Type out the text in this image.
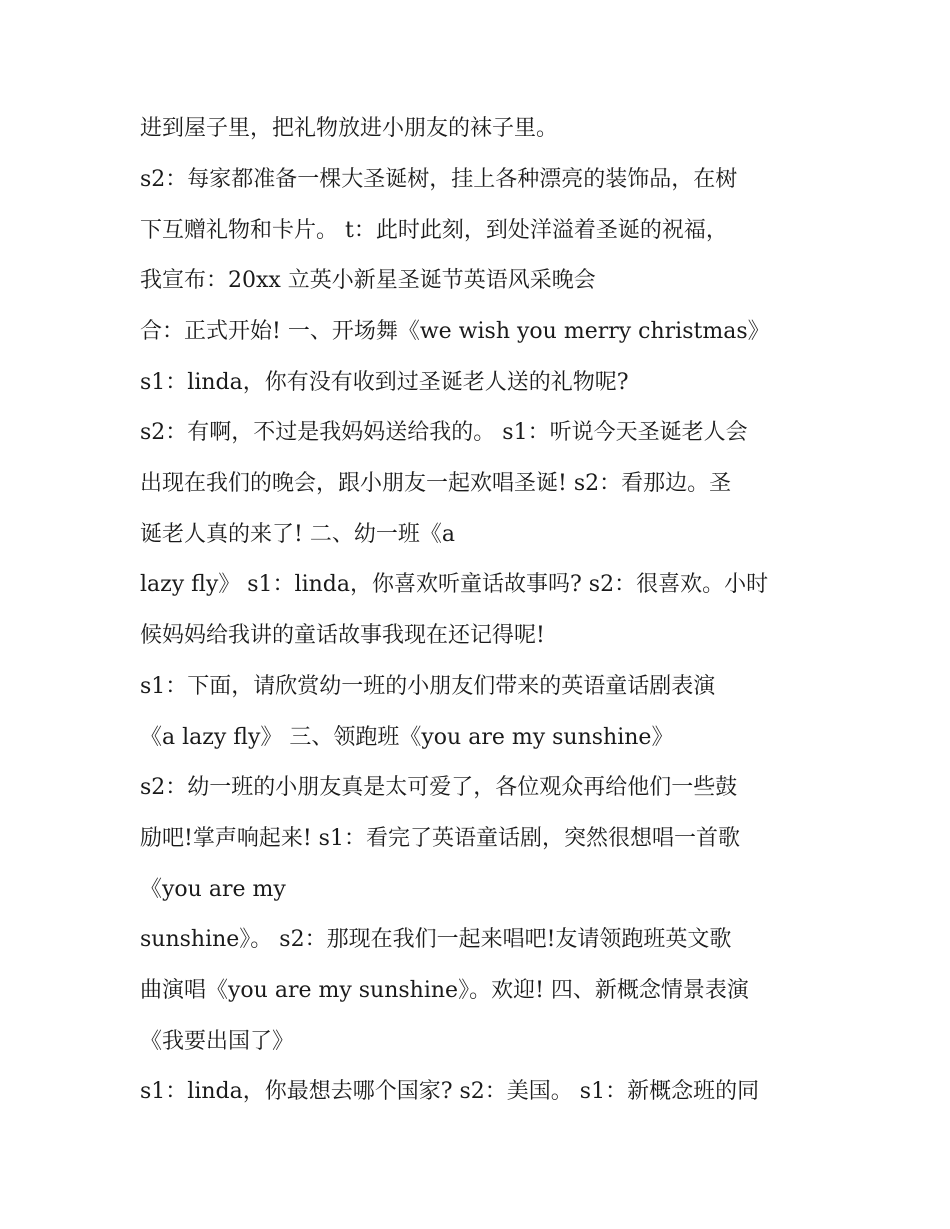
进到屋子里，把礼物放进小朋友的袜子里。
s2：每家都准备一棵大圣诞树，挂上各种漂亮的装饰品，在树
下互赠礼物和卡片。 t：此时此刻，到处洋溢着圣诞的祝福，
我宣布：20xx 立英小新星圣诞节英语风采晚会
合：正式开始! 一、开场舞《we wish you merry christmas》
s1：linda，你有没有收到过圣诞老人送的礼物呢?
s2：有啊，不过是我妈妈送给我的。 s1：听说今天圣诞老人会
出现在我们的晚会，跟小朋友一起欢唱圣诞! s2：看那边。圣
诞老人真的来了! 二、幼一班《a
lazy fly》 s1：linda，你喜欢听童话故事吗? s2：很喜欢。小时
候妈妈给我讲的童话故事我现在还记得呢!
s1：下面，请欣赏幼一班的小朋友们带来的英语童话剧表演
《a lazy fly》 三、领跑班《you are my sunshine》
s2：幼一班的小朋友真是太可爱了，各位观众再给他们一些鼓
励吧!掌声响起来! s1：看完了英语童话剧，突然很想唱一首歌
《you are my
sunshine》。 s2：那现在我们一起来唱吧!友请领跑班英文歌
曲演唱《you are my sunshine》。欢迎! 四、新概念情景表演
《我要出国了》
s1：linda，你最想去哪个国家? s2：美国。 s1：新概念班的同
